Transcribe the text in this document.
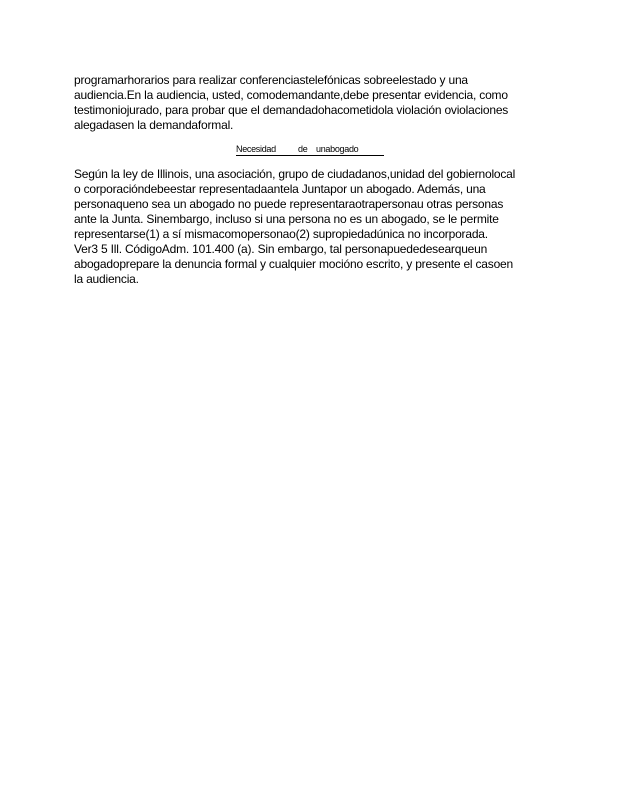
programarhorarios para realizar conferenciastelefónicas sobreelestado y una
audiencia.En la audiencia, usted, comodemandante,debe presentar evidencia, como
testimoniojurado, para probar que el demandadohacometidola violación oviolaciones
alegadasen la demandaformal.

Necesidad de unabogado

Según la ley de Illinois, una asociación, grupo de ciudadanos,unidad del gobiernolocal
o corporacióndebeestar representadaantela Juntapor un abogado. Además, una
personaqueno sea un abogado no puede representaraotrapersonau otras personas
ante la Junta. Sinembargo, incluso si una persona no es un abogado, se le permite
representarse(1) a sí mismacomopersonao(2) supropiedadúnica no incorporada.
Ver3 5 Ill. CódigoAdm. 101.400 (a). Sin embargo, tal personapuededesearqueun
abogadoprepare la denuncia formal y cualquier mocióno escrito, y presente el casoen
la audiencia.
